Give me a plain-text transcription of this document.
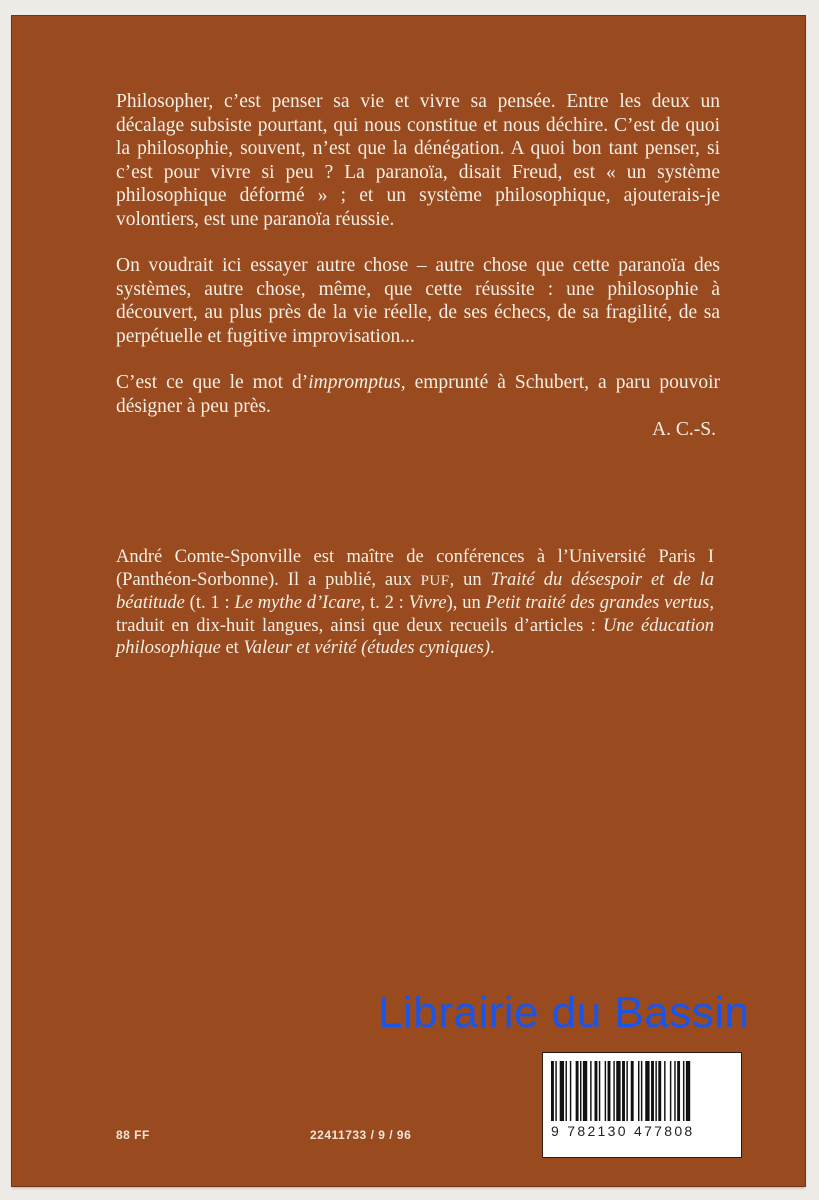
Philosopher, c’est penser sa vie et vivre sa pensée. Entre les deux un décalage subsiste pourtant, qui nous constitue et nous déchire. C’est de quoi la philosophie, souvent, n’est que la dénégation. A quoi bon tant penser, si c’est pour vivre si peu ? La paranoïa, disait Freud, est « un système philosophique déformé » ; et un système philosophique, ajouterais-je volontiers, est une paranoïa réussie.

On voudrait ici essayer autre chose – autre chose que cette paranoïa des systèmes, autre chose, même, que cette réussite : une philosophie à découvert, au plus près de la vie réelle, de ses échecs, de sa fragilité, de sa perpétuelle et fugitive improvisation...

C’est ce que le mot d’impromptus, emprunté à Schubert, a paru pouvoir désigner à peu près.

A. C.-S.

André Comte-Sponville est maître de conférences à l’Université Paris I (Panthéon-Sorbonne). Il a publié, aux PUF, un Traité du désespoir et de la béatitude (t. 1 : Le mythe d’Icare, t. 2 : Vivre), un Petit traité des grandes vertus, traduit en dix-huit langues, ainsi que deux recueils d’articles : Une éducation philosophique et Valeur et vérité (études cyniques).

88 FF	22411733 / 9 / 96	9 782130 477808
Librairie du Bassin
